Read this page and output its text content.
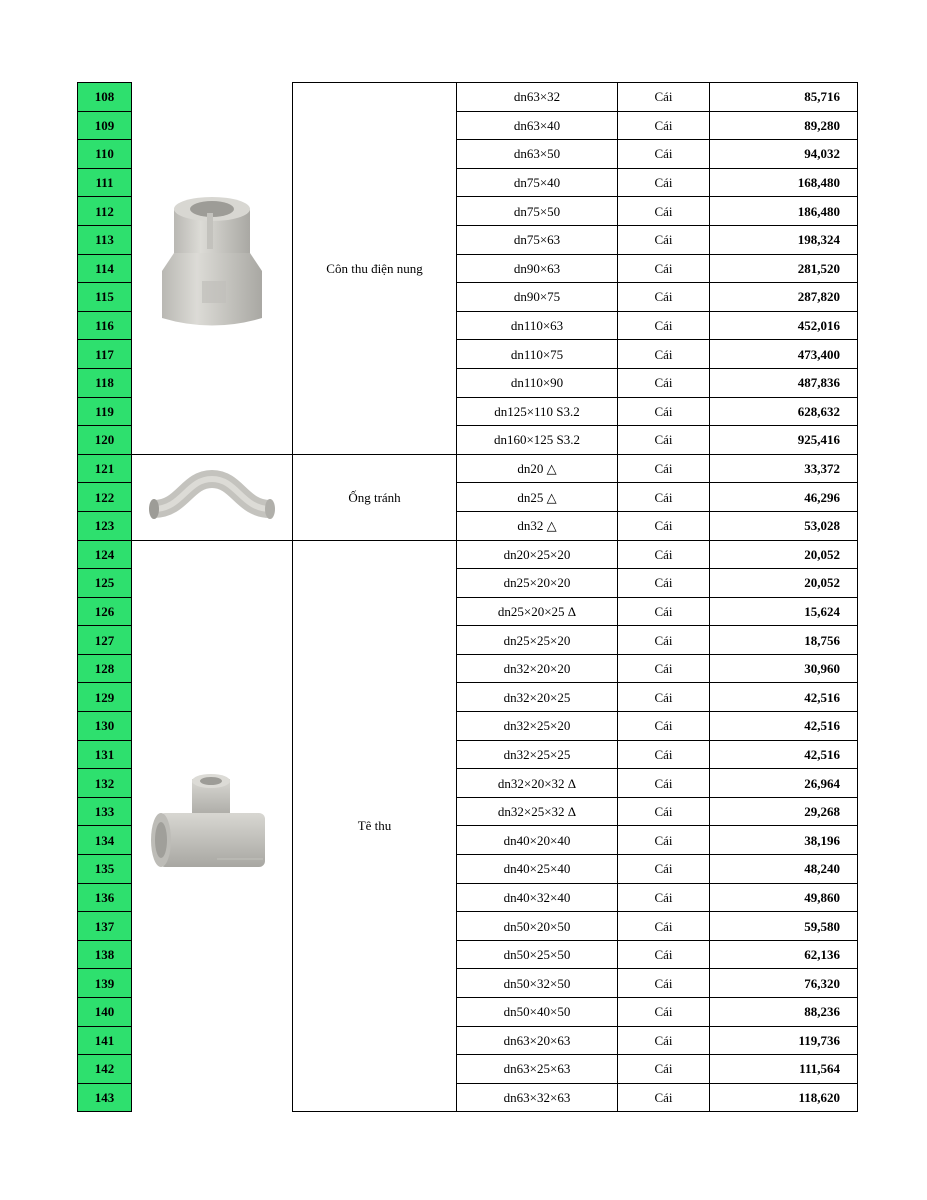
108		Côn thu điện nung	dn63×32	Cái	85,716
109			dn63×40	Cái	89,280
110			dn63×50	Cái	94,032
111			dn75×40	Cái	168,480
112			dn75×50	Cái	186,480
113			dn75×63	Cái	198,324
114			dn90×63	Cái	281,520
115			dn90×75	Cái	287,820
116			dn110×63	Cái	452,016
117			dn110×75	Cái	473,400
118			dn110×90	Cái	487,836
119			dn125×110 S3.2	Cái	628,632
120			dn160×125 S3.2	Cái	925,416
121		Ống tránh	dn20 △	Cái	33,372
122			dn25 △	Cái	46,296
123			dn32 △	Cái	53,028
124		Tê thu	dn20×25×20	Cái	20,052
125			dn25×20×20	Cái	20,052
126			dn25×20×25 Δ	Cái	15,624
127			dn25×25×20	Cái	18,756
128			dn32×20×20	Cái	30,960
129			dn32×20×25	Cái	42,516
130			dn32×25×20	Cái	42,516
131			dn32×25×25	Cái	42,516
132			dn32×20×32 Δ	Cái	26,964
133			dn32×25×32 Δ	Cái	29,268
134			dn40×20×40	Cái	38,196
135			dn40×25×40	Cái	48,240
136			dn40×32×40	Cái	49,860
137			dn50×20×50	Cái	59,580
138			dn50×25×50	Cái	62,136
139			dn50×32×50	Cái	76,320
140			dn50×40×50	Cái	88,236
141			dn63×20×63	Cái	119,736
142			dn63×25×63	Cái	111,564
143			dn63×32×63	Cái	118,620
